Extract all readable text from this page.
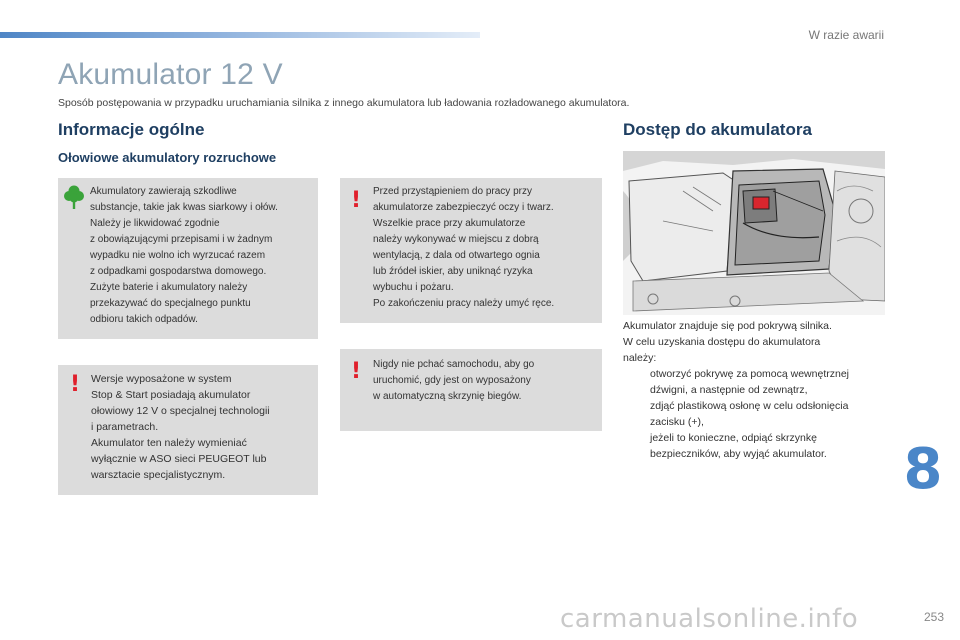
W razie awarii
Akumulator 12 V
Sposób postępowania w przypadku uruchamiania silnika z innego akumulatora lub ładowania rozładowanego akumulatora.
Informacje ogólne
Ołowiowe akumulatory rozruchowe
Akumulatory zawierają szkodliwe
substancje, takie jak kwas siarkowy i ołów.
Należy je likwidować zgodnie
z obowiązującymi przepisami i w żadnym
wypadku nie wolno ich wyrzucać razem
z odpadkami gospodarstwa domowego.
Zużyte baterie i akumulatory należy
przekazywać do specjalnego punktu
odbioru takich odpadów.
! Przed przystąpieniem do pracy przy
akumulatorze zabezpieczyć oczy i twarz.
Wszelkie prace przy akumulatorze
należy wykonywać w miejscu z dobrą
wentylacją, z dala od otwartego ognia
lub źródeł iskier, aby uniknąć ryzyka
wybuchu i pożaru.
Po zakończeniu pracy należy umyć ręce.
! Wersje wyposażone w system
Stop & Start posiadają akumulator
ołowiowy 12 V o specjalnej technologii
i parametrach.
Akumulator ten należy wymieniać
wyłącznie w ASO sieci PEUGEOT lub
warsztacie specjalistycznym.
! Nigdy nie pchać samochodu, aby go
uruchomić, gdy jest on wyposażony
w automatyczną skrzynię biegów.
Dostęp do akumulatora
Akumulator znajduje się pod pokrywą silnika.
W celu uzyskania dostępu do akumulatora
należy:
otworzyć pokrywę za pomocą wewnętrznej
dźwigni, a następnie od zewnątrz,
zdjąć plastikową osłonę w celu odsłonięcia
zacisku (+),
jeżeli to konieczne, odpiąć skrzynkę
bezpieczników, aby wyjąć akumulator.	8
carmanualsonline.info	253
